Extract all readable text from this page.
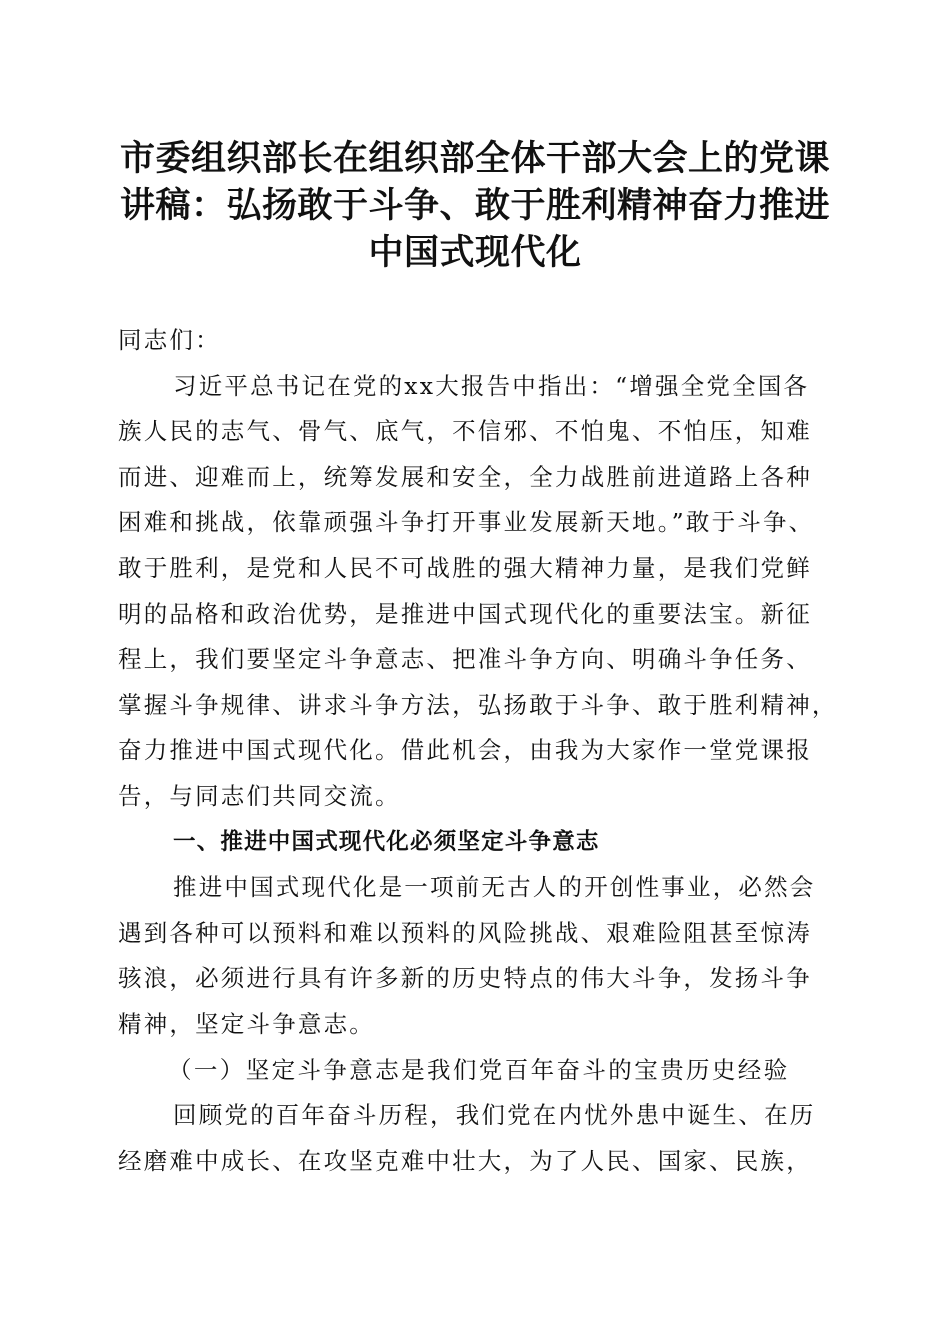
市委组织部长在组织部全体干部大会上的党课
讲稿：弘扬敢于斗争、敢于胜利精神奋力推进
中国式现代化
同志们：
习近平总书记在党的xx大报告中指出：“增强全党全国各
族人民的志气、骨气、底气，不信邪、不怕鬼、不怕压，知难
而进、迎难而上，统筹发展和安全，全力战胜前进道路上各种
困难和挑战，依靠顽强斗争打开事业发展新天地。”敢于斗争、
敢于胜利，是党和人民不可战胜的强大精神力量，是我们党鲜
明的品格和政治优势，是推进中国式现代化的重要法宝。新征
程上，我们要坚定斗争意志、把准斗争方向、明确斗争任务、
掌握斗争规律、讲求斗争方法，弘扬敢于斗争、敢于胜利精神，
奋力推进中国式现代化。借此机会，由我为大家作一堂党课报
告，与同志们共同交流。
一、推进中国式现代化必须坚定斗争意志
推进中国式现代化是一项前无古人的开创性事业，必然会
遇到各种可以预料和难以预料的风险挑战、艰难险阻甚至惊涛
骇浪，必须进行具有许多新的历史特点的伟大斗争，发扬斗争
精神，坚定斗争意志。
（一）坚定斗争意志是我们党百年奋斗的宝贵历史经验
回顾党的百年奋斗历程，我们党在内忧外患中诞生、在历
经磨难中成长、在攻坚克难中壮大，为了人民、国家、民族，
